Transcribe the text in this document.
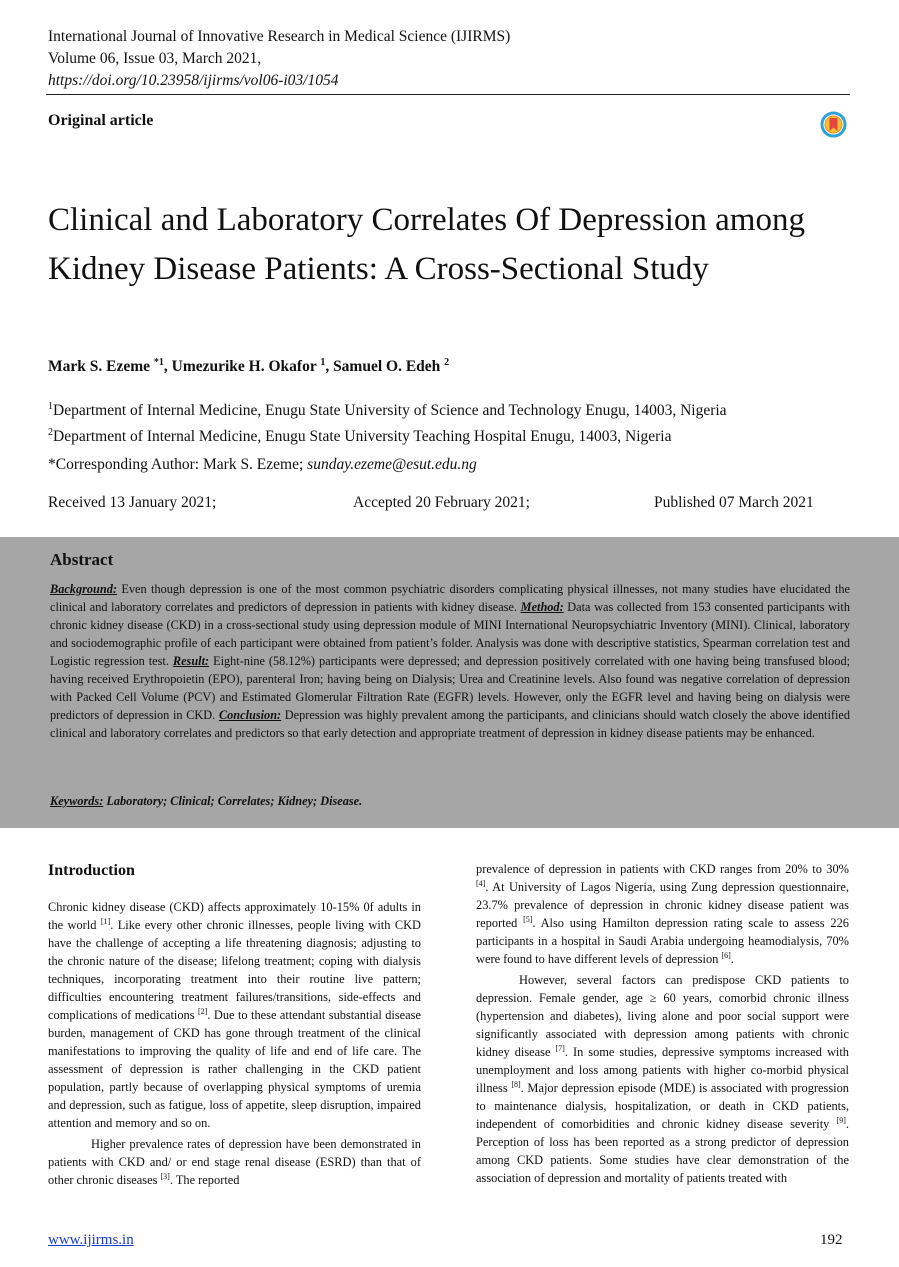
International Journal of Innovative Research in Medical Science (IJIRMS)
Volume 06, Issue 03, March 2021,
https://doi.org/10.23958/ijirms/vol06-i03/1054
Original article
Clinical and Laboratory Correlates Of Depression among Kidney Disease Patients: A Cross-Sectional Study
Mark S. Ezeme $^{*1}$, Umezurike H. Okafor $^1$, Samuel O. Edeh $^2$
$^1$Department of Internal Medicine, Enugu State University of Science and Technology Enugu, 14003, Nigeria
$^2$Department of Internal Medicine, Enugu State University Teaching Hospital Enugu, 14003, Nigeria
*Corresponding Author: Mark S. Ezeme; sunday.ezeme@esut.edu.ng
Received 13 January 2021;	Accepted 20 February 2021;	Published 07 March 2021
Abstract
Background: Even though depression is one of the most common psychiatric disorders complicating physical illnesses, not many studies have elucidated the clinical and laboratory correlates and predictors of depression in patients with kidney disease. Method: Data was collected from 153 consented participants with chronic kidney disease (CKD) in a cross-sectional study using depression module of MINI International Neuropsychiatric Inventory (MINI). Clinical, laboratory and sociodemographic profile of each participant were obtained from patient’s folder. Analysis was done with descriptive statistics, Spearman correlation test and Logistic regression test. Result: Eight-nine (58.12%) participants were depressed; and depression positively correlated with one having being transfused blood; having received Erythropoietin (EPO), parenteral Iron; having being on Dialysis; Urea and Creatinine levels. Also found was negative correlation of depression with Packed Cell Volume (PCV) and Estimated Glomerular Filtration Rate (EGFR) levels. However, only the EGFR level and having being on dialysis were predictors of depression in CKD. Conclusion: Depression was highly prevalent among the participants, and clinicians should watch closely the above identified clinical and laboratory correlates and predictors so that early detection and appropriate treatment of depression in kidney disease patients may be enhanced.
Keywords: Laboratory; Clinical; Correlates; Kidney; Disease.
Introduction

Chronic kidney disease (CKD) affects approximately 10-15% 0f adults in the world [1]. Like every other chronic illnesses, people living with CKD have the challenge of accepting a life threatening diagnosis; adjusting to the chronic nature of the disease; lifelong treatment; coping with dialysis techniques, incorporating treatment into their routine live pattern; difficulties encountering treatment failures/transitions, side-effects and complications of medications [2]. Due to these attendant substantial disease burden, management of CKD has gone through treatment of the clinical manifestations to improving the quality of life and end of life care. The assessment of depression is rather challenging in the CKD patient population, partly because of overlapping physical symptoms of uremia and depression, such as fatigue, loss of appetite, sleep disruption, impaired attention and memory and so on.

Higher prevalence rates of depression have been demonstrated in patients with CKD and/ or end stage renal disease (ESRD) than that of other chronic diseases [3]. The reported

prevalence of depression in patients with CKD ranges from 20% to 30% [4]. At University of Lagos Nigeria, using Zung depression questionnaire, 23.7% prevalence of depression in chronic kidney disease patient was reported [5]. Also using Hamilton depression rating scale to assess 226 participants in a hospital in Saudi Arabia undergoing heamodialysis, 70% were found to have different levels of depression [6].

However, several factors can predispose CKD patients to depression. Female gender, age ≥ 60 years, comorbid chronic illness (hypertension and diabetes), living alone and poor social support were significantly associated with depression among patients with chronic kidney disease [7]. In some studies, depressive symptoms increased with unemployment and loss among patients with higher co-morbid physical illness [8]. Major depression episode (MDE) is associated with progression to maintenance dialysis, hospitalization, or death in CKD patients, independent of comorbidities and chronic kidney disease severity [9]. Perception of loss has been reported as a strong predictor of depression among CKD patients. Some studies have clear demonstration of the association of depression and mortality of patients treated with

www.ijirms.in	192
